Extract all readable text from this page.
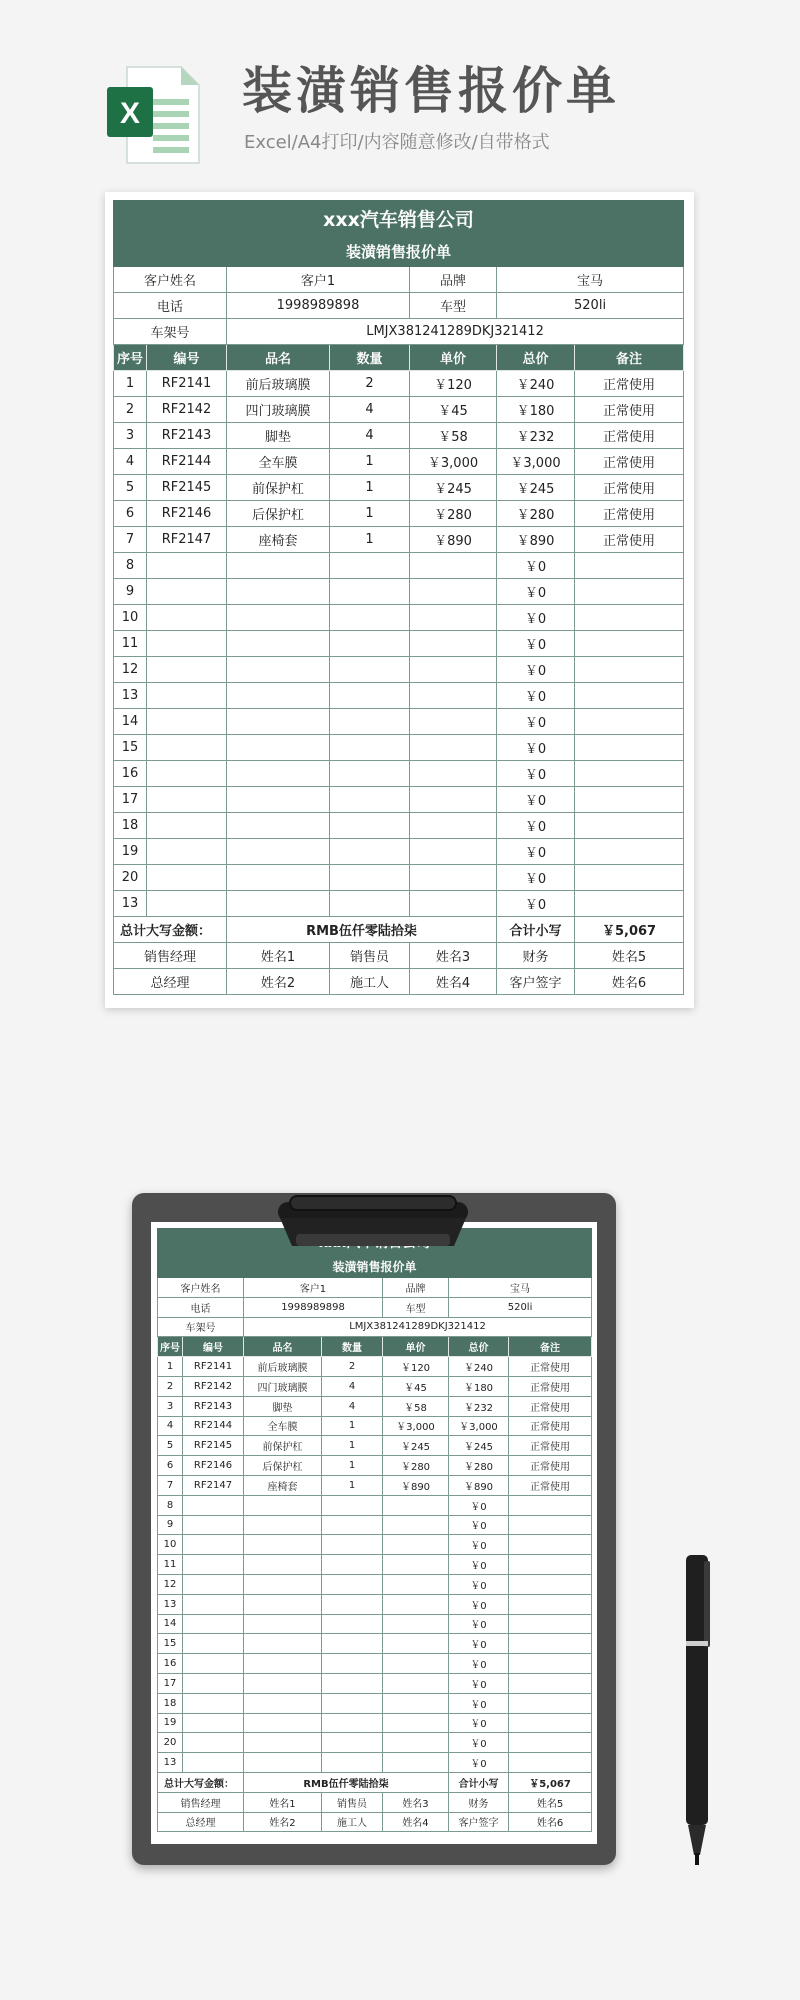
X 装潢销售报价单
Excel/A4打印/内容随意修改/自带格式
xxx汽车销售公司						
装潢销售报价单						
客户姓名		客户1		品牌	宝马	
电话		1998989898		车型	520li	
车架号		LMJX381241289DKJ321412				
序号	编号	品名	数量	单价	总价	备注
1	RF2141	前后玻璃膜	2	￥120	￥240	正常使用
2	RF2142	四门玻璃膜	4	￥45	￥180	正常使用
3	RF2143	脚垫	4	￥58	￥232	正常使用
4	RF2144	全车膜	1	￥3,000	￥3,000	正常使用
5	RF2145	前保护杠	1	￥245	￥245	正常使用
6	RF2146	后保护杠	1	￥280	￥280	正常使用
7	RF2147	座椅套	1	￥890	￥890	正常使用
8					￥0	
9					￥0	
10					￥0	
11					￥0	
12					￥0	
13					￥0	
14					￥0	
15					￥0	
16					￥0	
17					￥0	
18					￥0	
19					￥0	
20					￥0	
13					￥0	
总计大写金额：		RMB伍仟零陆拾柒			合计小写	￥5,067
销售经理		姓名1	销售员	姓名3	财务	姓名5
总经理		姓名2	施工人	姓名4	客户签字	姓名6

装潢销售报价单						
客户姓名		客户1		品牌	宝马	
电话		1998989898		车型	520li	
车架号		LMJX381241289DKJ321412				
序号	编号	品名	数量	单价	总价	备注
1	RF2141	前后玻璃膜	2	￥120	￥240	正常使用
2	RF2142	四门玻璃膜	4	￥45	￥180	正常使用
3	RF2143	脚垫	4	￥58	￥232	正常使用
4	RF2144	全车膜	1	￥3,000	￥3,000	正常使用
5	RF2145	前保护杠	1	￥245	￥245	正常使用
6	RF2146	后保护杠	1	￥280	￥280	正常使用
7	RF2147	座椅套	1	￥890	￥890	正常使用
8					￥0	
9					￥0	
10					￥0	
11					￥0	
12					￥0	
13					￥0	
14					￥0	
15					￥0	
16					￥0	
17					￥0	
18					￥0	
19					￥0	
20					￥0	
13					￥0	
总计大写金额：		RMB伍仟零陆拾柒			合计小写	￥5,067
销售经理		姓名1	销售员	姓名3	财务	姓名5
总经理		姓名2	施工人	姓名4	客户签字	姓名6
